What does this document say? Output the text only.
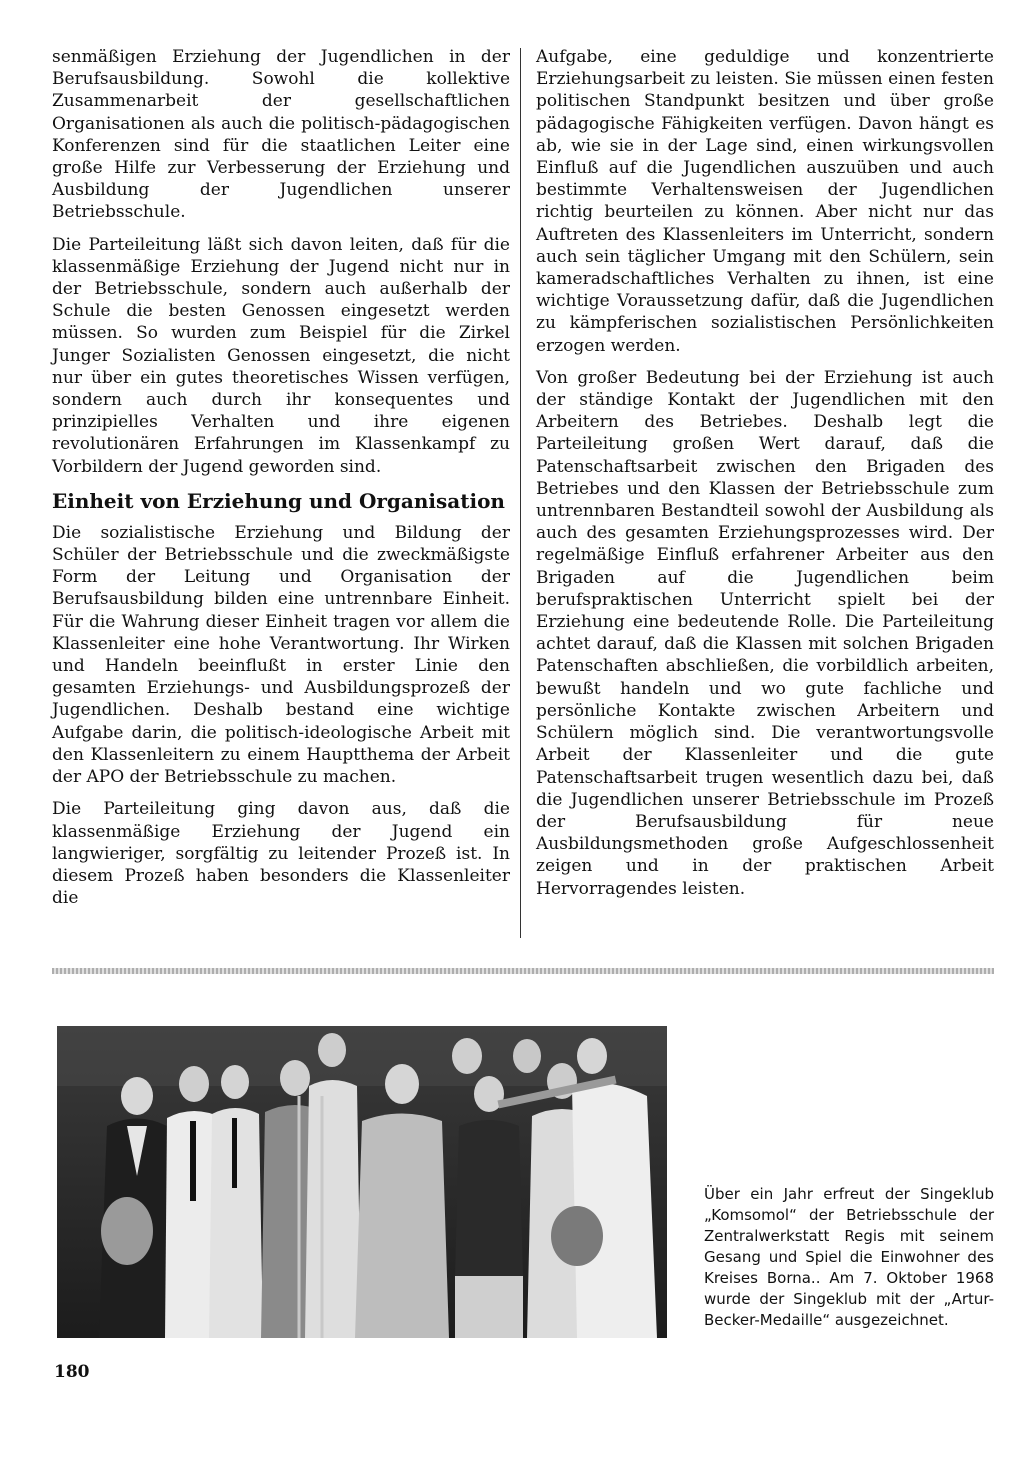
senmäßigen Erziehung der Jugendlichen in der Berufsausbildung. Sowohl die kollektive Zusammenarbeit der gesellschaftlichen Organisationen als auch die politisch-pädagogischen Konferenzen sind für die staatlichen Leiter eine große Hilfe zur Verbesserung der Erziehung und Ausbildung der Jugendlichen unserer Betriebsschule.

Die Parteileitung läßt sich davon leiten, daß für die klassenmäßige Erziehung der Jugend nicht nur in der Betriebsschule, sondern auch außerhalb der Schule die besten Genossen eingesetzt werden müssen. So wurden zum Beispiel für die Zirkel Junger Sozialisten Genossen eingesetzt, die nicht nur über ein gutes theoretisches Wissen verfügen, sondern auch durch ihr konsequentes und prinzipielles Verhalten und ihre eigenen revolutionären Erfahrungen im Klassenkampf zu Vorbildern der Jugend geworden sind.

Einheit von Erziehung und Organisation

Die sozialistische Erziehung und Bildung der Schüler der Betriebsschule und die zweckmäßigste Form der Leitung und Organisation der Berufsausbildung bilden eine untrennbare Einheit. Für die Wahrung dieser Einheit tragen vor allem die Klassenleiter eine hohe Verantwortung. Ihr Wirken und Handeln beeinflußt in erster Linie den gesamten Erziehungs- und Ausbildungsprozeß der Jugendlichen. Deshalb bestand eine wichtige Aufgabe darin, die politisch-ideologische Arbeit mit den Klassenleitern zu einem Hauptthema der Arbeit der APO der Betriebsschule zu machen.

Die Parteileitung ging davon aus, daß die klassenmäßige Erziehung der Jugend ein langwieriger, sorgfältig zu leitender Prozeß ist. In diesem Prozeß haben besonders die Klassenleiter die

Aufgabe, eine geduldige und konzentrierte Erziehungsarbeit zu leisten. Sie müssen einen festen politischen Standpunkt besitzen und über große pädagogische Fähigkeiten verfügen. Davon hängt es ab, wie sie in der Lage sind, einen wirkungsvollen Einfluß auf die Jugendlichen auszuüben und auch bestimmte Verhaltensweisen der Jugendlichen richtig beurteilen zu können. Aber nicht nur das Auftreten des Klassenleiters im Unterricht, sondern auch sein täglicher Umgang mit den Schülern, sein kameradschaftliches Verhalten zu ihnen, ist eine wichtige Voraussetzung dafür, daß die Jugendlichen zu kämpferischen sozialistischen Persönlichkeiten erzogen werden.

Von großer Bedeutung bei der Erziehung ist auch der ständige Kontakt der Jugendlichen mit den Arbeitern des Betriebes. Deshalb legt die Parteileitung großen Wert darauf, daß die Patenschaftsarbeit zwischen den Brigaden des Betriebes und den Klassen der Betriebsschule zum untrennbaren Bestandteil sowohl der Ausbildung als auch des gesamten Erziehungsprozesses wird. Der regelmäßige Einfluß erfahrener Arbeiter aus den Brigaden auf die Jugendlichen beim berufspraktischen Unterricht spielt bei der Erziehung eine bedeutende Rolle. Die Parteileitung achtet darauf, daß die Klassen mit solchen Brigaden Patenschaften abschließen, die vorbildlich arbeiten, bewußt handeln und wo gute fachliche und persönliche Kontakte zwischen Arbeitern und Schülern möglich sind. Die verantwortungsvolle Arbeit der Klassenleiter und die gute Patenschaftsarbeit trugen wesentlich dazu bei, daß die Jugendlichen unserer Betriebsschule im Prozeß der Berufsausbildung für neue Ausbildungsmethoden große Aufgeschlossenheit zeigen und in der praktischen Arbeit Hervorragendes leisten.

Über ein Jahr erfreut der Singeklub „Komsomol“ der Betriebsschule der Zentralwerkstatt Regis mit seinem Gesang und Spiel die Einwohner des Kreises Borna.. Am 7. Oktober 1968 wurde der Singeklub mit der „Artur-Becker-Medaille“ ausgezeichnet.
180
